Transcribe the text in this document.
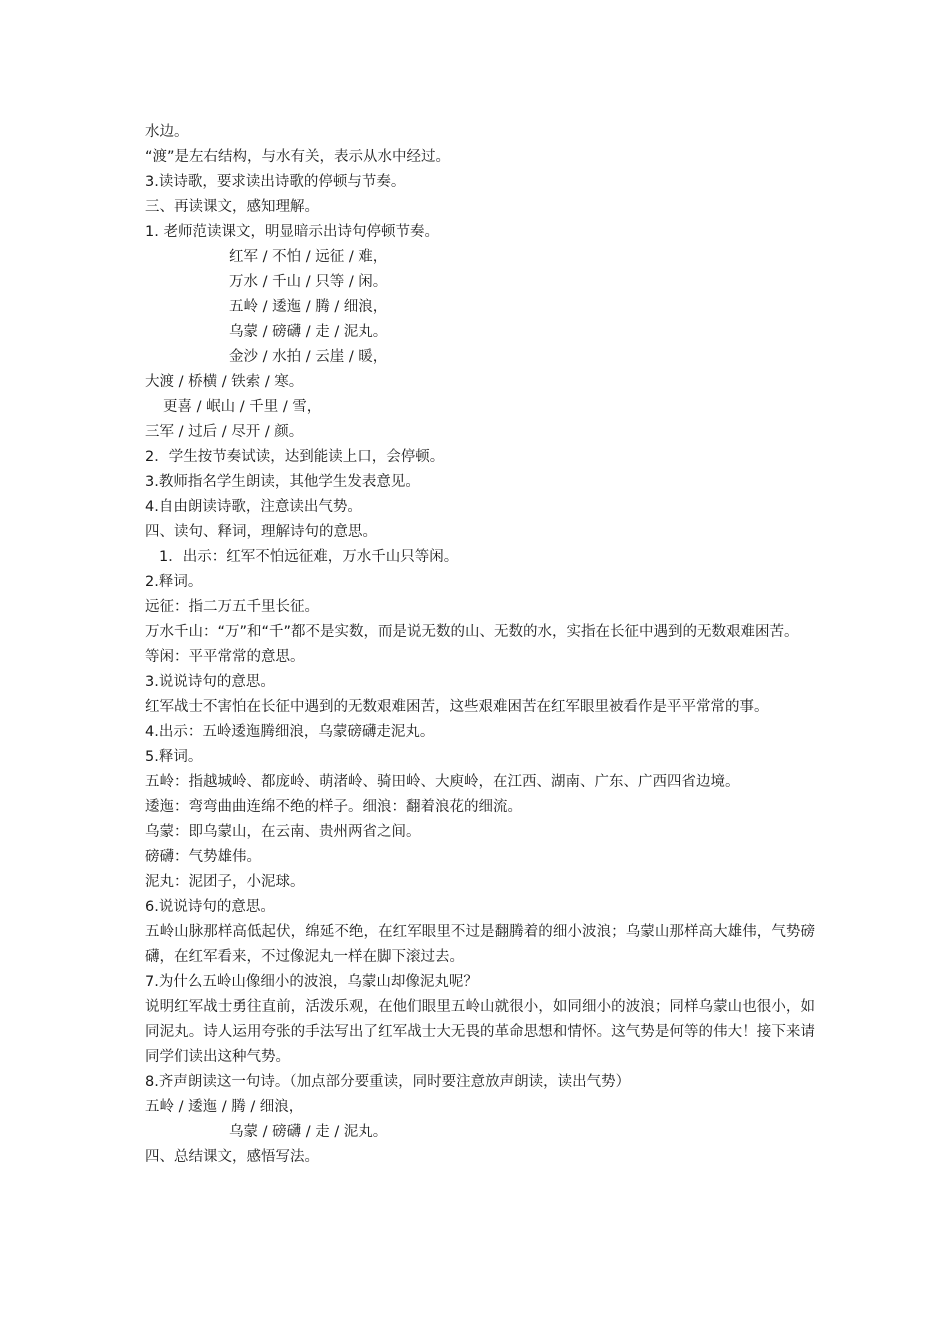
水边。
“渡”是左右结构，与水有关，表示从水中经过。
3.读诗歌，要求读出诗歌的停顿与节奏。
三、再读课文，感知理解。
1. 老师范读课文，明显暗示出诗句停顿节奏。
红军 / 不怕 / 远征 / 难，
万水 / 千山 / 只等 / 闲。
五岭 / 逶迤 / 腾 / 细浪，
乌蒙 / 磅礴 / 走 / 泥丸。
金沙 / 水拍 / 云崖 / 暖，
大渡 / 桥横 / 铁索 / 寒。
更喜 / 岷山 / 千里 / 雪，
三军 / 过后 / 尽开 / 颜。
2．学生按节奏试读，达到能读上口，会停顿。
3.教师指名学生朗读，其他学生发表意见。
4.自由朗读诗歌，注意读出气势。
四、读句、释词，理解诗句的意思。
1．出示：红军不怕远征难，万水千山只等闲。
2.释词。
远征：指二万五千里长征。
万水千山：“万”和“千”都不是实数，而是说无数的山、无数的水，实指在长征中遇到的无数艰难困苦。
等闲：平平常常的意思。
3.说说诗句的意思。
红军战士不害怕在长征中遇到的无数艰难困苦，这些艰难困苦在红军眼里被看作是平平常常的事。
4.出示：五岭逶迤腾细浪，乌蒙磅礴走泥丸。
5.释词。
五岭：指越城岭、都庞岭、萌渚岭、骑田岭、大庾岭，在江西、湖南、广东、广西四省边境。
逶迤：弯弯曲曲连绵不绝的样子。细浪：翻着浪花的细流。
乌蒙：即乌蒙山，在云南、贵州两省之间。
磅礴：气势雄伟。
泥丸：泥团子，小泥球。
6.说说诗句的意思。
五岭山脉那样高低起伏，绵延不绝，在红军眼里不过是翻腾着的细小波浪；乌蒙山那样高大雄伟，气势磅礴，在红军看来，不过像泥丸一样在脚下滚过去。
7.为什么五岭山像细小的波浪，乌蒙山却像泥丸呢？
说明红军战士勇往直前，活泼乐观，在他们眼里五岭山就很小，如同细小的波浪；同样乌蒙山也很小，如同泥丸。诗人运用夸张的手法写出了红军战士大无畏的革命思想和情怀。这气势是何等的伟大！接下来请同学们读出这种气势。
8.齐声朗读这一句诗。（加点部分要重读，同时要注意放声朗读，读出气势）
五岭 / 逶迤 / 腾 / 细浪，
乌蒙 / 磅礴 / 走 / 泥丸。
四、总结课文，感悟写法。
